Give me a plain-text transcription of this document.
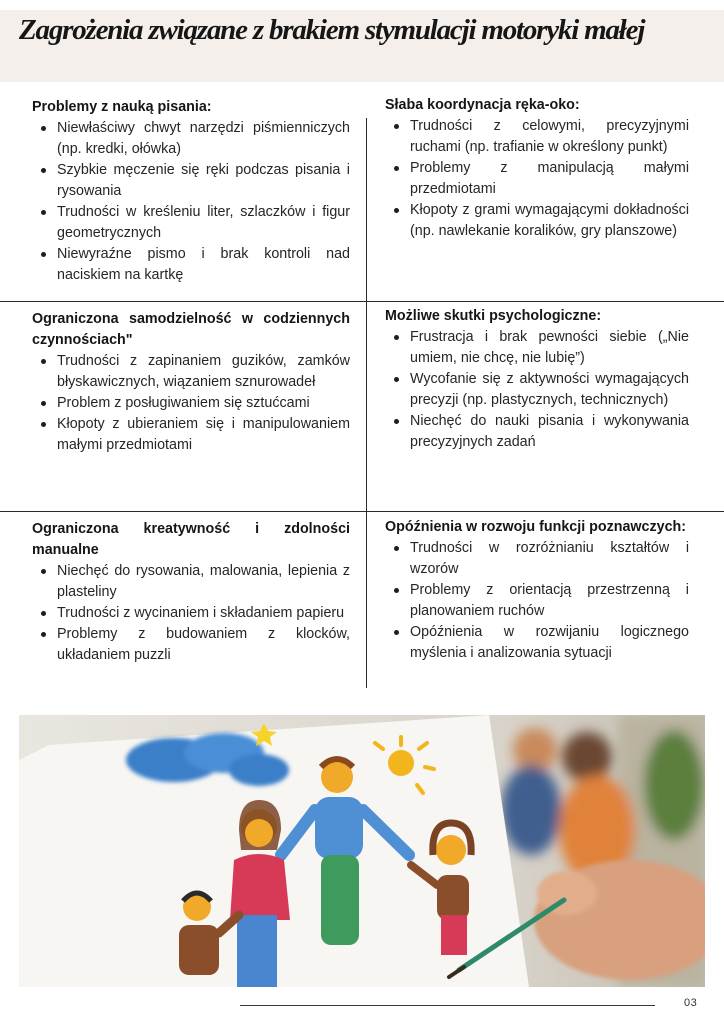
Zagrożenia związane z brakiem stymulacji motoryki małej
Problemy z nauką pisania:
Niewłaściwy chwyt narzędzi piśmienniczych (np. kredki, ołówka)
Szybkie męczenie się ręki podczas pisania i rysowania
Trudności w kreśleniu liter, szlaczków i figur geometrycznych
Niewyraźne pismo i brak kontroli nad naciskiem na kartkę
Słaba koordynacja ręka-oko:
Trudności z celowymi, precyzyjnymi ruchami (np. trafianie w określony punkt)
Problemy z manipulacją małymi przedmiotami
Kłopoty z grami wymagającymi dokładności (np. nawlekanie koralików, gry planszowe)
Ograniczona samodzielność w codziennych czynnościach"
Trudności z zapinaniem guzików, zamków błyskawicznych, wiązaniem sznurowadeł
Problem z posługiwaniem się sztućcami
Kłopoty z ubieraniem się i manipulowaniem małymi przedmiotami
Możliwe skutki psychologiczne:
Frustracja i brak pewności siebie („Nie umiem, nie chcę, nie lubię”)
Wycofanie się z aktywności wymagających precyzji (np. plastycznych, technicznych)
Niechęć do nauki pisania i wykonywania precyzyjnych zadań
Ograniczona kreatywność i zdolności manualne
Niechęć do rysowania, malowania, lepienia z plasteliny
Trudności z wycinaniem i składaniem papieru
Problemy z budowaniem z klocków, układaniem puzzli
Opóźnienia w rozwoju funkcji poznawczych:
Trudności w rozróżnianiu kształtów i wzorów
Problemy z orientacją przestrzenną i planowaniem ruchów
Opóźnienia w rozwijaniu logicznego myślenia i analizowania sytuacji
03
